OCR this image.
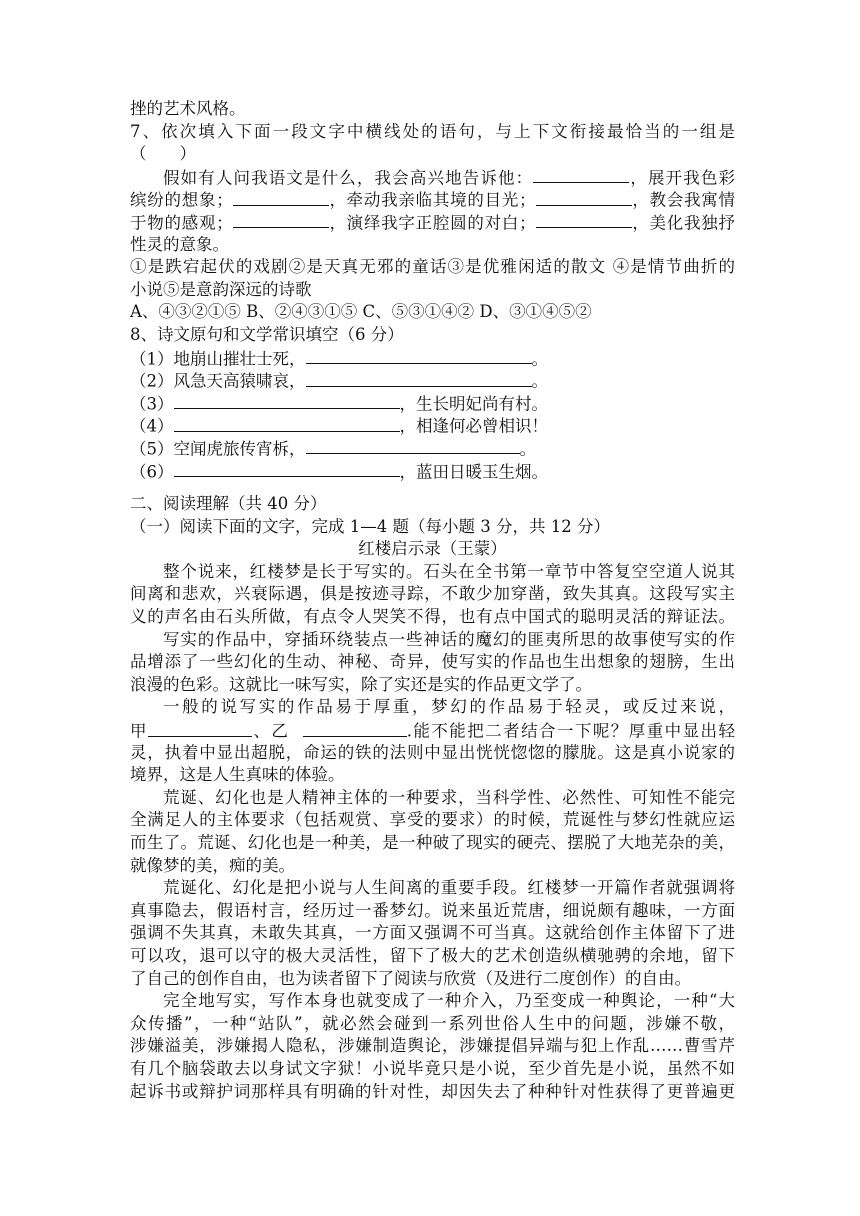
挫的艺术风格。
7、依次填入下面一段文字中横线处的语句，与上下文衔接最恰当的一组是
（　　）
假如有人问我语文是什么，我会高兴地告诉他：	，展开我色彩
缤纷的想象；	，牵动我亲临其境的目光；	，教会我寓情
于物的感观；	，演绎我字正腔圆的对白；	，美化我独抒
性灵的意象。
①是跌宕起伏的戏剧②是天真无邪的童话③是优雅闲适的散文 ④是情节曲折的
小说⑤是意韵深远的诗歌
A、④③②①⑤ B、②④③①⑤ C、⑤③①④② D、③①④⑤②
8、诗文原句和文学常识填空（6 分）
（1）地崩山摧壮士死，	。
（2）风急天高猿啸哀，	。
（3）	，生长明妃尚有村。
（4）	，相逢何必曾相识！
（5）空闻虎旅传宵柝，	。
（6）	，蓝田日暖玉生烟。
二、阅读理解（共 40 分）
（一）阅读下面的文字，完成 1—4 题（每小题 3 分，共 12 分）
红楼启示录（王蒙）
整个说来，红楼梦是长于写实的。石头在全书第一章节中答复空空道人说其
间离和悲欢，兴衰际遇，俱是按迹寻踪，不敢少加穿凿，致失其真。这段写实主
义的声名由石头所做，有点令人哭笑不得，也有点中国式的聪明灵活的辩证法。
写实的作品中，穿插环绕装点一些神话的魔幻的匪夷所思的故事使写实的作
品增添了一些幻化的生动、神秘、奇异，使写实的作品也生出想象的翅膀，生出
浪漫的色彩。这就比一味写实，除了实还是实的作品更文学了。
一般的说写实的作品易于厚重，梦幻的作品易于轻灵，或反过来说，
甲	、乙	.能不能把二者结合一下呢？厚重中显出轻
灵，执着中显出超脱，命运的铁的法则中显出恍恍惚惚的朦胧。这是真小说家的
境界，这是人生真味的体验。
荒诞、幻化也是人精神主体的一种要求，当科学性、必然性、可知性不能完
全满足人的主体要求（包括观赏、享受的要求）的时候，荒诞性与梦幻性就应运
而生了。荒诞、幻化也是一种美，是一种破了现实的硬壳、摆脱了大地芜杂的美，
就像梦的美，痴的美。
荒诞化、幻化是把小说与人生间离的重要手段。红楼梦一开篇作者就强调将
真事隐去，假语村言，经历过一番梦幻。说来虽近荒唐，细说颇有趣味，一方面
强调不失其真，未敢失其真，一方面又强调不可当真。这就给创作主体留下了进
可以攻，退可以守的极大灵活性，留下了极大的艺术创造纵横驰骋的余地，留下
了自己的创作自由，也为读者留下了阅读与欣赏（及进行二度创作）的自由。
完全地写实，写作本身也就变成了一种介入，乃至变成一种舆论，一种“大
众传播”，一种“站队”，就必然会碰到一系列世俗人生中的问题，涉嫌不敬，
涉嫌溢美，涉嫌揭人隐私，涉嫌制造舆论，涉嫌提倡异端与犯上作乱……曹雪芹
有几个脑袋敢去以身试文字狱！小说毕竟只是小说，至少首先是小说，虽然不如
起诉书或辩护词那样具有明确的针对性，却因失去了种种针对性获得了更普遍更
